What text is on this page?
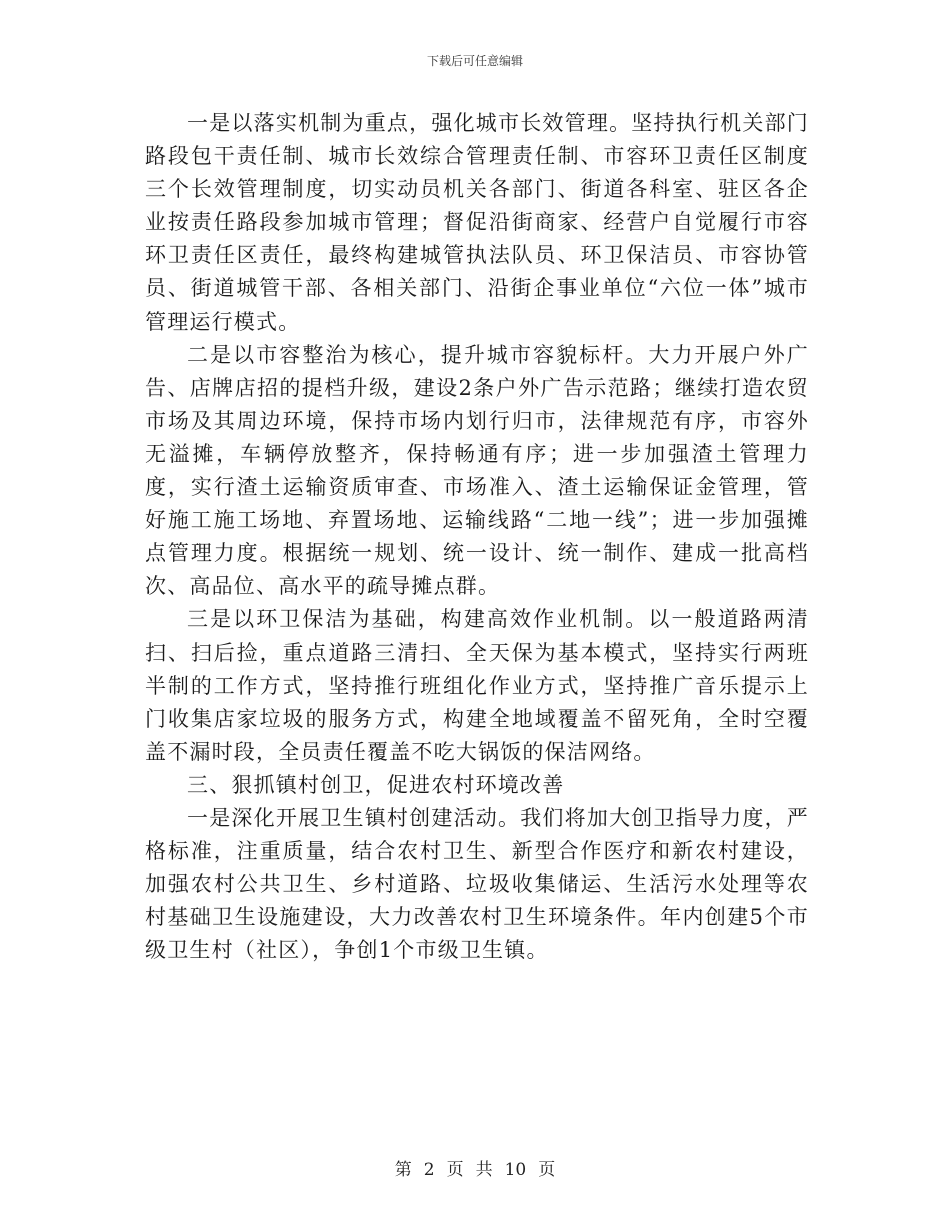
下载后可任意编辑

一是以落实机制为重点，强化城市长效管理。坚持执行机关部门路段包干责任制、城市长效综合管理责任制、市容环卫责任区制度三个长效管理制度，切实动员机关各部门、街道各科室、驻区各企业按责任路段参加城市管理；督促沿街商家、经营户自觉履行市容环卫责任区责任，最终构建城管执法队员、环卫保洁员、市容协管员、街道城管干部、各相关部门、沿街企事业单位“六位一体”城市管理运行模式。

二是以市容整治为核心，提升城市容貌标杆。大力开展户外广告、店牌店招的提档升级，建设2条户外广告示范路；继续打造农贸市场及其周边环境，保持市场内划行归市，法律规范有序，市容外无溢摊，车辆停放整齐，保持畅通有序；进一步加强渣土管理力度，实行渣土运输资质审查、市场准入、渣土运输保证金管理，管好施工施工场地、弃置场地、运输线路“二地一线”；进一步加强摊点管理力度。根据统一规划、统一设计、统一制作、建成一批高档次、高品位、高水平的疏导摊点群。

三是以环卫保洁为基础，构建高效作业机制。以一般道路两清扫、扫后捡，重点道路三清扫、全天保为基本模式，坚持实行两班半制的工作方式，坚持推行班组化作业方式，坚持推广音乐提示上门收集店家垃圾的服务方式，构建全地域覆盖不留死角，全时空覆盖不漏时段，全员责任覆盖不吃大锅饭的保洁网络。

三、狠抓镇村创卫，促进农村环境改善

一是深化开展卫生镇村创建活动。我们将加大创卫指导力度，严格标准，注重质量，结合农村卫生、新型合作医疗和新农村建设，加强农村公共卫生、乡村道路、垃圾收集储运、生活污水处理等农村基础卫生设施建设，大力改善农村卫生环境条件。年内创建5个市级卫生村（社区），争创1个市级卫生镇。

第 2 页 共 10 页
